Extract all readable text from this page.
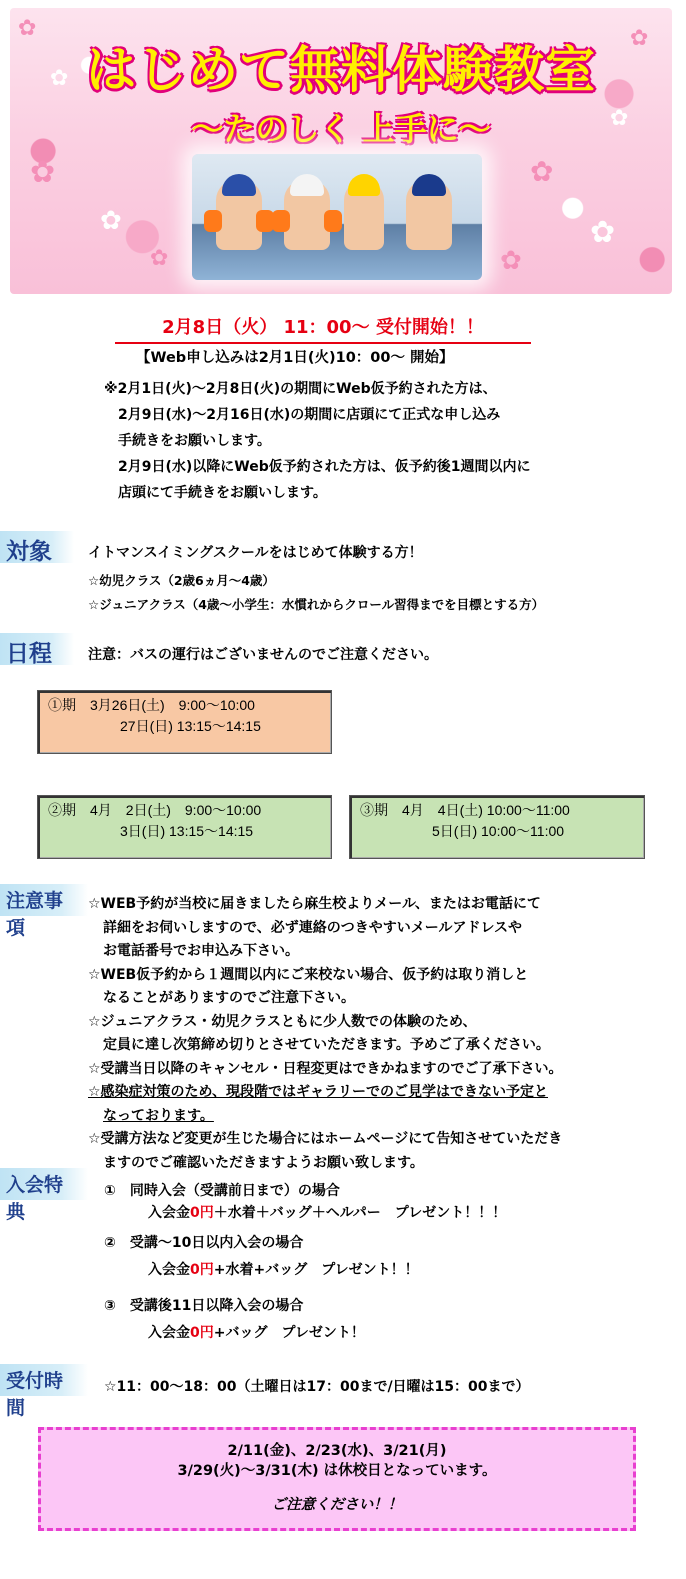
✿
✿
✿
✿
✿
✿
✿
✿
✿
✿
はじめて無料体験教室
～たのしく 上手に～
2月8日（火） 11：00～ 受付開始！！
【Web申し込みは2月1日(火)10：00～ 開始】
※2月1日(火)～2月8日(火)の期間にWeb仮予約された方は、
2月9日(水)～2月16日(水)の期間に店頭にて正式な申し込み
手続きをお願いします。
2月9日(水)以降にWeb仮予約された方は、仮予約後1週間以内に
店頭にて手続きをお願いします。
対象	イトマンスイミングスクールをはじめて体験する方！
☆幼児クラス（2歳6ヵ月～4歳）
☆ジュニアクラス（4歳～小学生：水慣れからクロール習得までを目標とする方）
日程	注意：バスの運行はございませんのでご注意ください。
①期　3月26日(土)　9:00～10:00
27日(日) 13:15～14:15
②期　4月　2日(土)　9:00～10:00
3日(日) 13:15～14:15
③期　4月　4日(土) 10:00～11:00
5日(日) 10:00～11:00
注意事項
☆WEB予約が当校に届きましたら麻生校よりメール、またはお電話にて
詳細をお伺いしますので、必ず連絡のつきやすいメールアドレスや
お電話番号でお申込み下さい。
☆WEB仮予約から１週間以内にご来校ない場合、仮予約は取り消しと
なることがありますのでご注意下さい。
☆ジュニアクラス・幼児クラスともに少人数での体験のため、
定員に達し次第締め切りとさせていただきます。予めご了承ください。
☆受講当日以降のキャンセル・日程変更はできかねますのでご了承下さい。
☆感染症対策のため、現段階ではギャラリーでのご見学はできない予定と
なっております。
☆受講方法など変更が生じた場合にはホームページにて告知させていただき
ますのでご確認いただきますようお願い致します。
入会特典
①　同時入会（受講前日まで）の場合
入会金0円＋水着＋バッグ＋ヘルパー　プレゼント！！！
②　受講～10日以内入会の場合
入会金0円+水着+バッグ　プレゼント！！
③　受講後11日以降入会の場合
入会金0円+バッグ　プレゼント！
受付時間
☆11：00～18：00（土曜日は17：00まで/日曜は15：00まで）
2/11(金)、2/23(水)、3/21(月)
3/29(火)～3/31(木) は休校日となっています。
ご注意ください！！
